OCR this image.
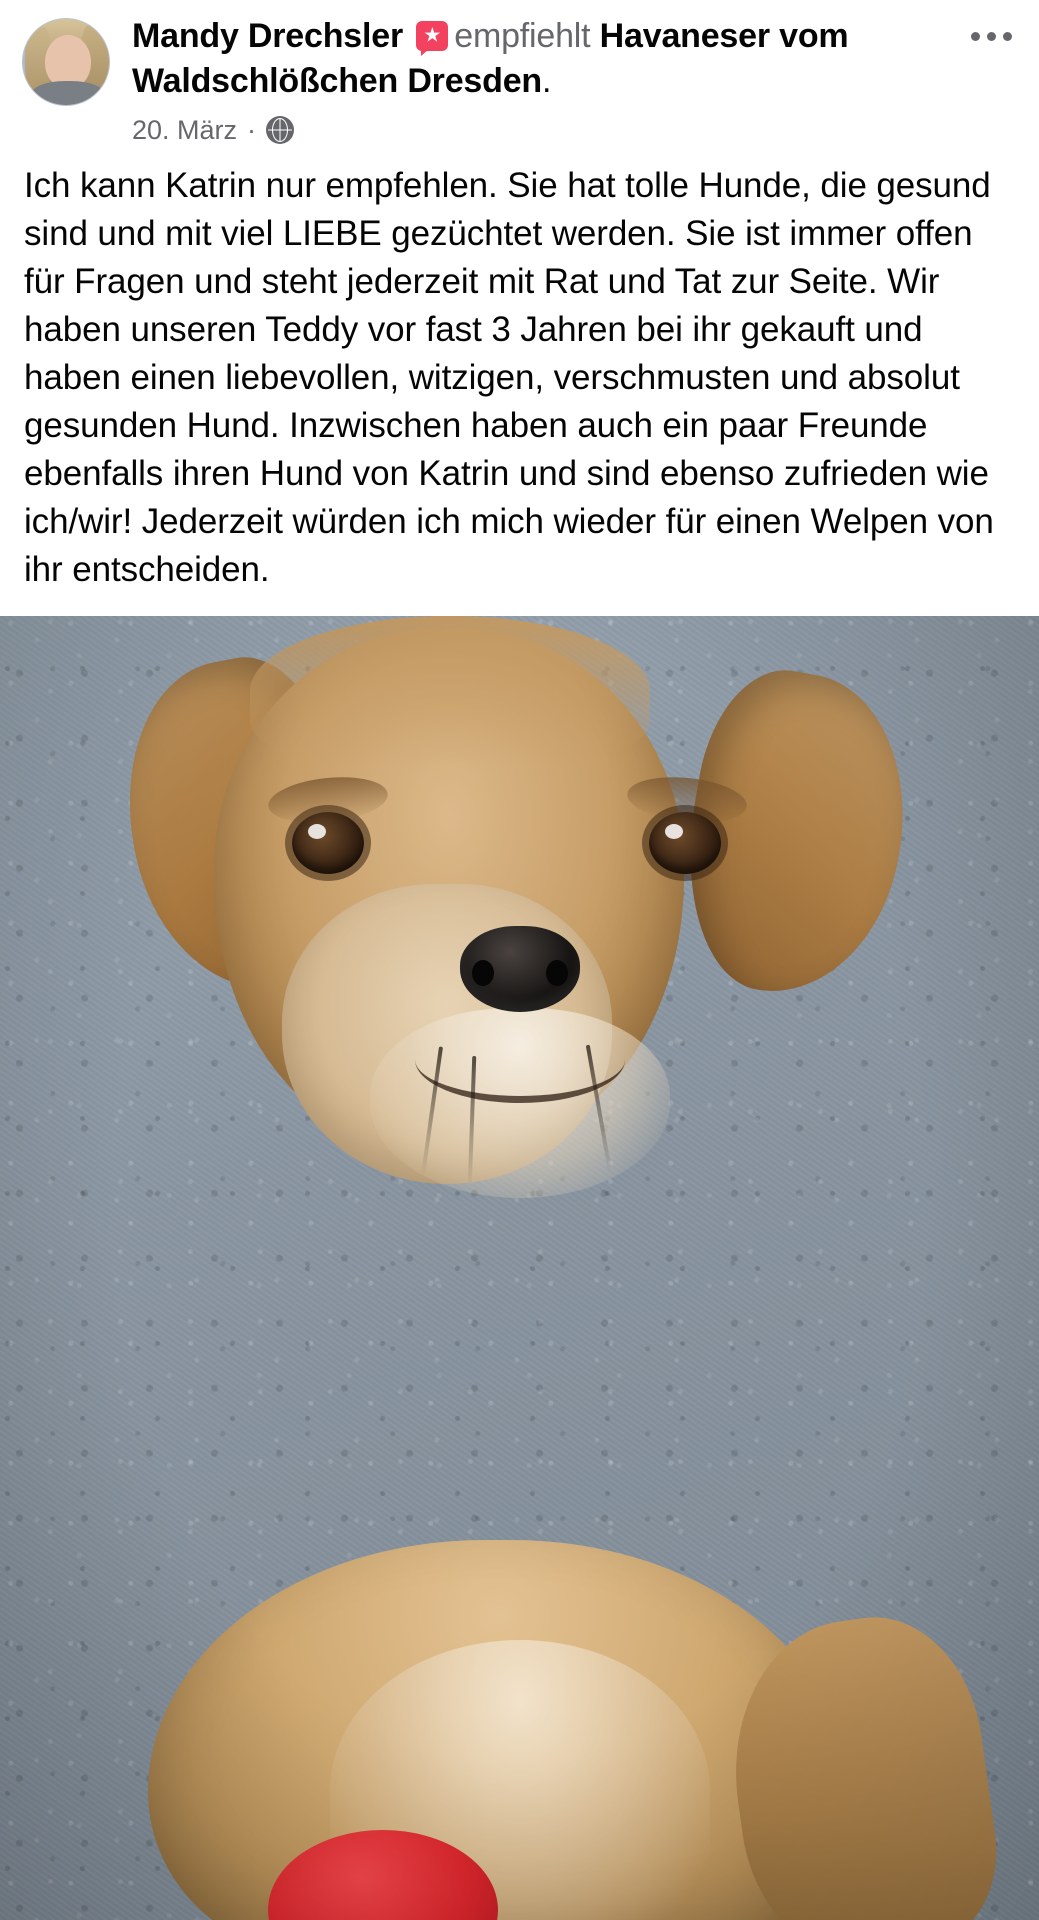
Mandy Drechsler ★ empfiehlt Havaneser vom Waldschlößchen Dresden.
20. März ·
Ich kann Katrin nur empfehlen. Sie hat tolle Hunde, die gesund sind und mit viel LIEBE gezüchtet werden. Sie ist immer offen für Fragen und steht jederzeit mit Rat und Tat zur Seite. Wir haben unseren Teddy vor fast 3 Jahren bei ihr gekauft und haben einen liebevollen, witzigen, verschmusten und absolut gesunden Hund. Inzwischen haben auch ein paar Freunde ebenfalls ihren Hund von Katrin und sind ebenso zufrieden wie ich/wir! Jederzeit würden ich mich wieder für einen Welpen von ihr entscheiden.
